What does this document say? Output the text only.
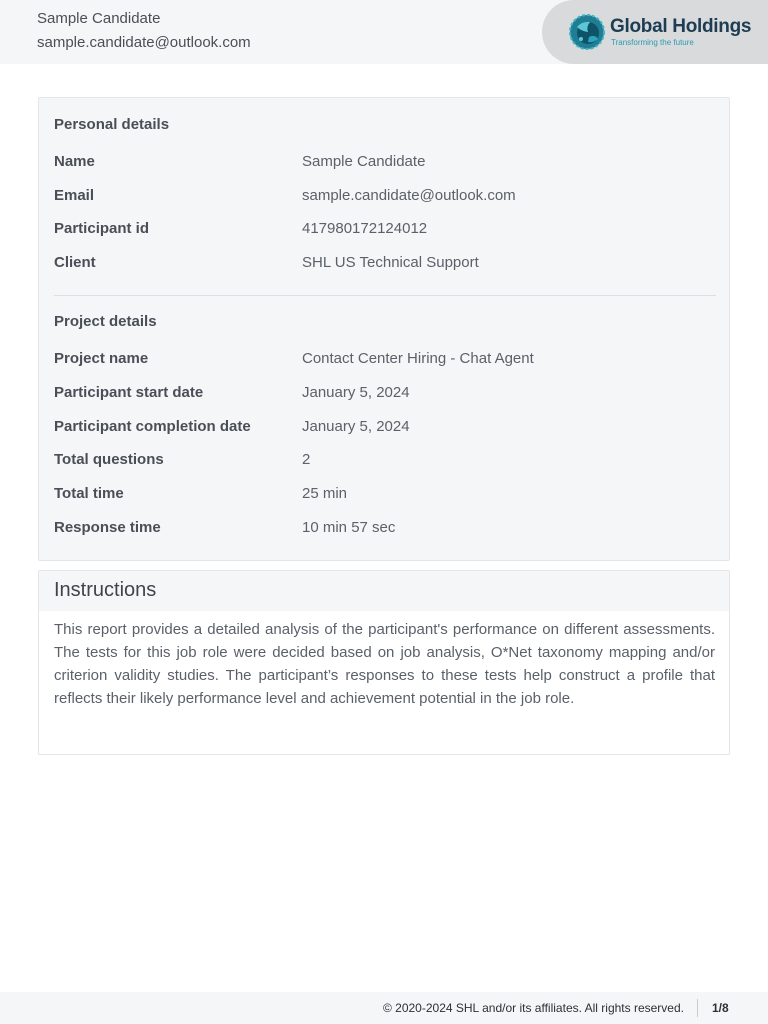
Sample Candidate
sample.candidate@outlook.com
Global Holdings
Transforming the future
Personal details
Name	Sample Candidate
Email	sample.candidate@outlook.com
Participant id	417980172124012
Client	SHL US Technical Support
Project details
Project name	Contact Center Hiring - Chat Agent
Participant start date	January 5, 2024
Participant completion date	January 5, 2024
Total questions	2
Total time	25 min
Response time	10 min 57 sec
Instructions
This report provides a detailed analysis of the participant's performance on different assessments. The tests for this job role were decided based on job analysis, O*Net taxonomy mapping and/or criterion validity studies. The participant’s responses to these tests help construct a profile that reflects their likely performance level and achievement potential in the job role.
© 2020-2024 SHL and/or its affiliates. All rights reserved. 1/8
